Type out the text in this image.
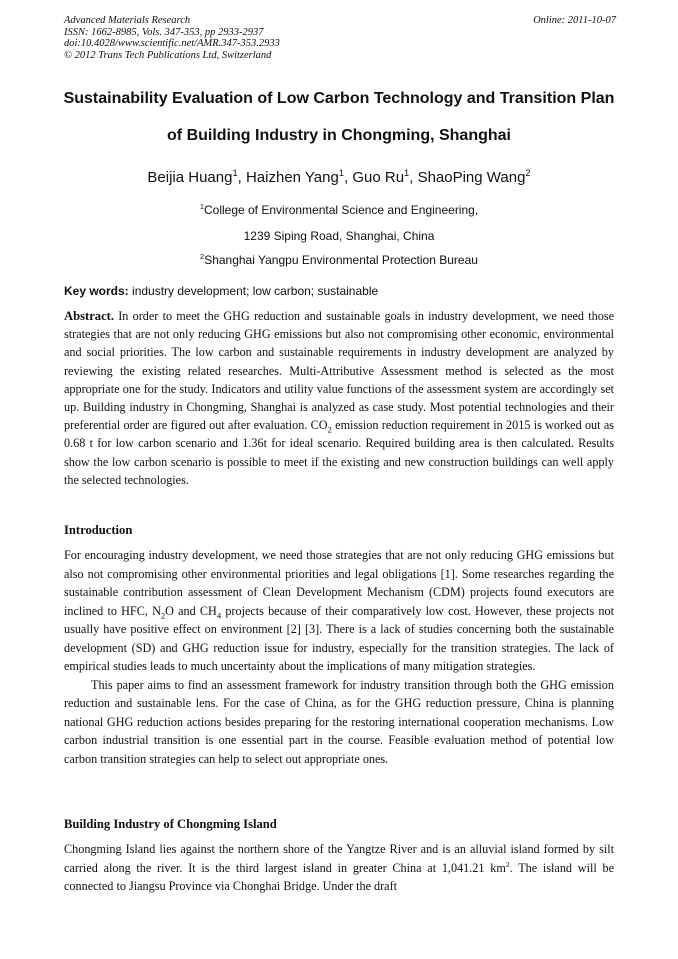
Advanced Materials Research
ISSN: 1662-8985, Vols. 347-353, pp 2933-2937
doi:10.4028/www.scientific.net/AMR.347-353.2933
© 2012 Trans Tech Publications Ltd, Switzerland
Online: 2011-10-07
Sustainability Evaluation of Low Carbon Technology and Transition Plan
of Building Industry in Chongming, Shanghai
Beijia Huang$^1$, Haizhen Yang$^1$, Guo Ru$^1$, ShaoPing Wang$^2$
$^1$College of Environmental Science and Engineering,
1239 Siping Road, Shanghai, China
$^2$Shanghai Yangpu Environmental Protection Bureau
Key words: industry development; low carbon; sustainable
Abstract. In order to meet the GHG reduction and sustainable goals in industry development, we need those strategies that are not only reducing GHG emissions but also not compromising other economic, environmental and social priorities. The low carbon and sustainable requirements in industry development are analyzed by reviewing the existing related researches. Multi-Attributive Assessment method is selected as the most appropriate one for the study. Indicators and utility value functions of the assessment system are accordingly set up. Building industry in Chongming, Shanghai is analyzed as case study. Most potential technologies and their preferential order are figured out after evaluation. $CO_2$ emission reduction requirement in 2015 is worked out as 0.68 t for low carbon scenario and 1.36t for ideal scenario. Required building area is then calculated. Results show the low carbon scenario is possible to meet if the existing and new construction buildings can well apply the selected technologies.
Introduction

For encouraging industry development, we need those strategies that are not only reducing GHG emissions but also not compromising other environmental priorities and legal obligations [1]. Some researches regarding the sustainable contribution assessment of Clean Development Mechanism (CDM) projects found executors are inclined to HFC, $N_2O$ and $CH_4$ projects because of their comparatively low cost. However, these projects not usually have positive effect on environment [2] [3]. There is a lack of studies concerning both the sustainable development (SD) and GHG reduction issue for industry, especially for the transition strategies. The lack of empirical studies leads to much uncertainty about the implications of many mitigation strategies.

This paper aims to find an assessment framework for industry transition through both the GHG emission reduction and sustainable lens. For the case of China, as for the GHG reduction pressure, China is planning national GHG reduction actions besides preparing for the restoring international cooperation mechanisms. Low carbon industrial transition is one essential part in the course. Feasible evaluation method of potential low carbon transition strategies can help to select out appropriate ones.

Building Industry of Chongming Island

Chongming Island lies against the northern shore of the Yangtze River and is an alluvial island formed by silt carried along the river. It is the third largest island in greater China at 1,041.21 $km^2$. The island will be connected to Jiangsu Province via Chonghai Bridge. Under the draft
